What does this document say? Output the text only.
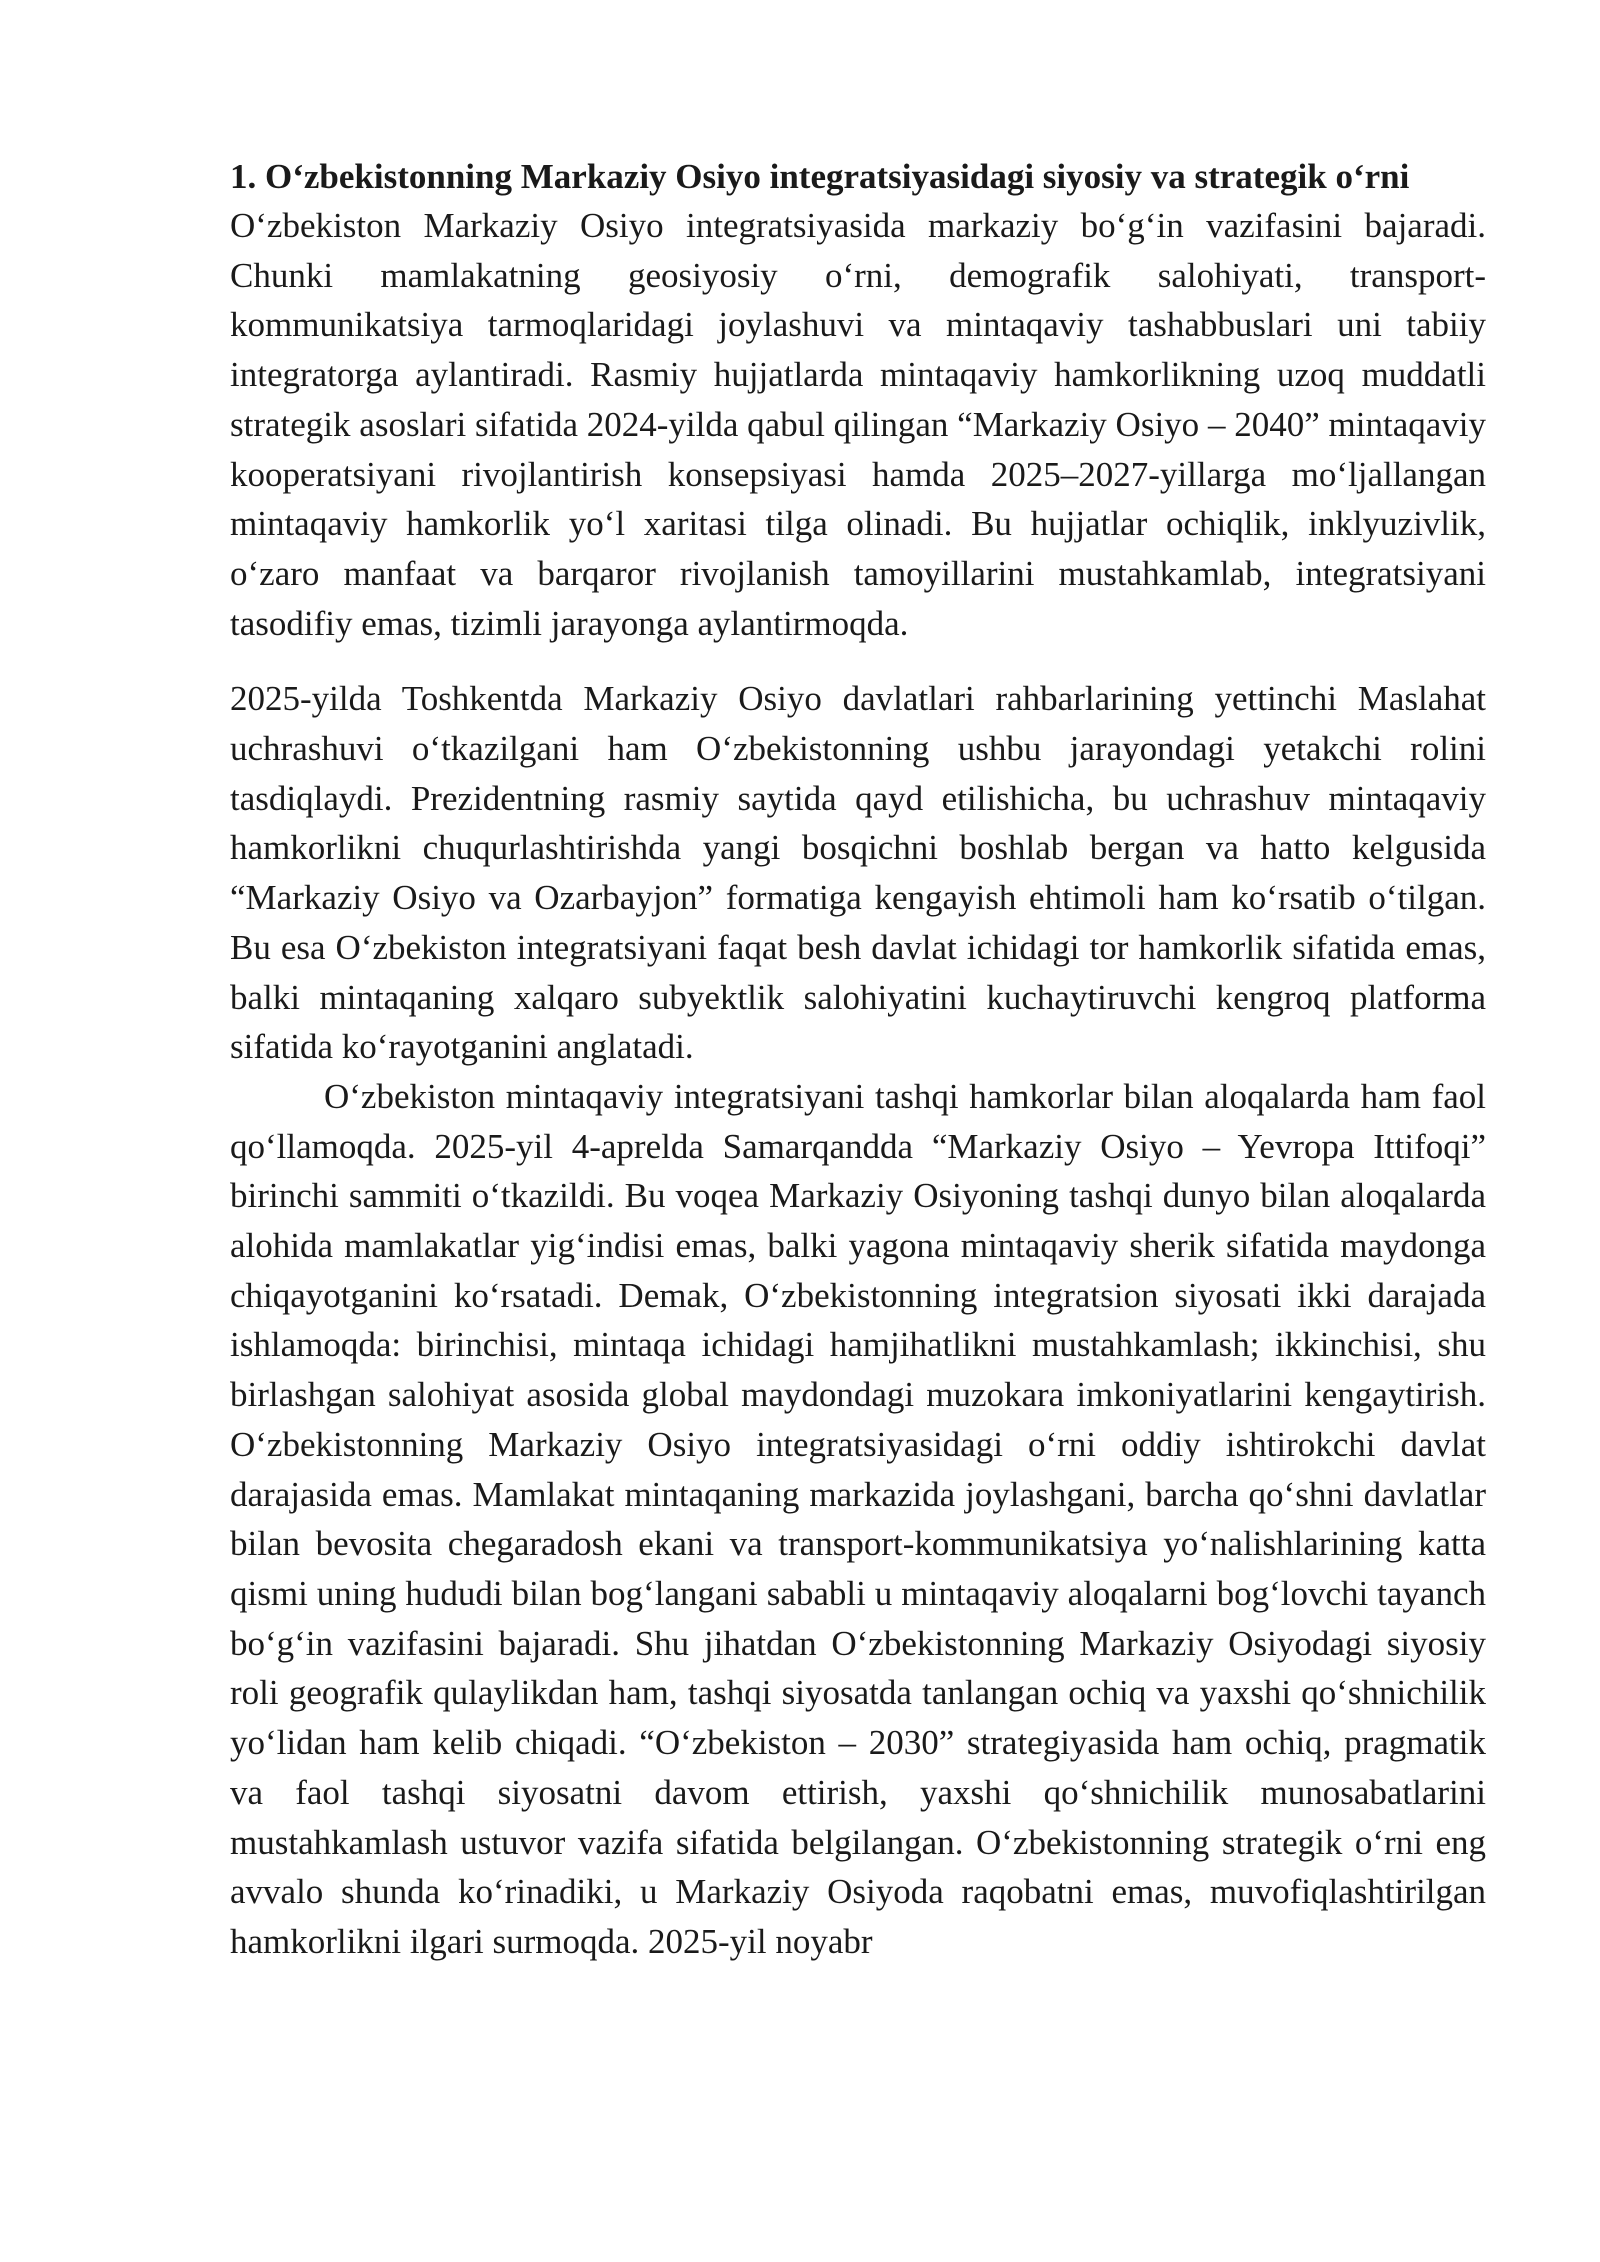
1. O‘zbekistonning Markaziy Osiyo integratsiyasidagi siyosiy va strategik o‘rni

O‘zbekiston Markaziy Osiyo integratsiyasida markaziy bo‘g‘in vazifasini bajaradi. Chunki mamlakatning geosiyosiy o‘rni, demografik salohiyati, transport-kommunikatsiya tarmoqlaridagi joylashuvi va mintaqaviy tashabbuslari uni tabiiy integratorga aylantiradi. Rasmiy hujjatlarda mintaqaviy hamkorlikning uzoq muddatli strategik asoslari sifatida 2024-yilda qabul qilingan “Markaziy Osiyo – 2040” mintaqaviy kooperatsiyani rivojlantirish konsepsiyasi hamda 2025–2027-yillarga mo‘ljallangan mintaqaviy hamkorlik yo‘l xaritasi tilga olinadi. Bu hujjatlar ochiqlik, inklyuzivlik, o‘zaro manfaat va barqaror rivojlanish tamoyillarini mustahkamlab, integratsiyani tasodifiy emas, tizimli jarayonga aylantirmoqda.

2025-yilda Toshkentda Markaziy Osiyo davlatlari rahbarlarining yettinchi Maslahat uchrashuvi o‘tkazilgani ham O‘zbekistonning ushbu jarayondagi yetakchi rolini tasdiqlaydi. Prezidentning rasmiy saytida qayd etilishicha, bu uchrashuv mintaqaviy hamkorlikni chuqurlashtirishda yangi bosqichni boshlab bergan va hatto kelgusida “Markaziy Osiyo va Ozarbayjon” formatiga kengayish ehtimoli ham ko‘rsatib o‘tilgan. Bu esa O‘zbekiston integratsiyani faqat besh davlat ichidagi tor hamkorlik sifatida emas, balki mintaqaning xalqaro subyektlik salohiyatini kuchaytiruvchi kengroq platforma sifatida ko‘rayotganini anglatadi.

O‘zbekiston mintaqaviy integratsiyani tashqi hamkorlar bilan aloqalarda ham faol qo‘llamoqda. 2025-yil 4-aprelda Samarqandda “Markaziy Osiyo – Yevropa Ittifoqi” birinchi sammiti o‘tkazildi. Bu voqea Markaziy Osiyoning tashqi dunyo bilan aloqalarda alohida mamlakatlar yig‘indisi emas, balki yagona mintaqaviy sherik sifatida maydonga chiqayotganini ko‘rsatadi. Demak, O‘zbekistonning integratsion siyosati ikki darajada ishlamoqda: birinchisi, mintaqa ichidagi hamjihatlikni mustahkamlash; ikkinchisi, shu birlashgan salohiyat asosida global maydondagi muzokara imkoniyatlarini kengaytirish. O‘zbekistonning Markaziy Osiyo integratsiyasidagi o‘rni oddiy ishtirokchi davlat darajasida emas. Mamlakat mintaqaning markazida joylashgani, barcha qo‘shni davlatlar bilan bevosita chegaradosh ekani va transport-kommunikatsiya yo‘nalishlarining katta qismi uning hududi bilan bog‘langani sababli u mintaqaviy aloqalarni bog‘lovchi tayanch bo‘g‘in vazifasini bajaradi. Shu jihatdan O‘zbekistonning Markaziy Osiyodagi siyosiy roli geografik qulaylikdan ham, tashqi siyosatda tanlangan ochiq va yaxshi qo‘shnichilik yo‘lidan ham kelib chiqadi. “O‘zbekiston – 2030” strategiyasida ham ochiq, pragmatik va faol tashqi siyosatni davom ettirish, yaxshi qo‘shnichilik munosabatlarini mustahkamlash ustuvor vazifa sifatida belgilangan. O‘zbekistonning strategik o‘rni eng avvalo shunda ko‘rinadiki, u Markaziy Osiyoda raqobatni emas, muvofiqlashtirilgan hamkorlikni ilgari surmoqda. 2025-yil noyabr
